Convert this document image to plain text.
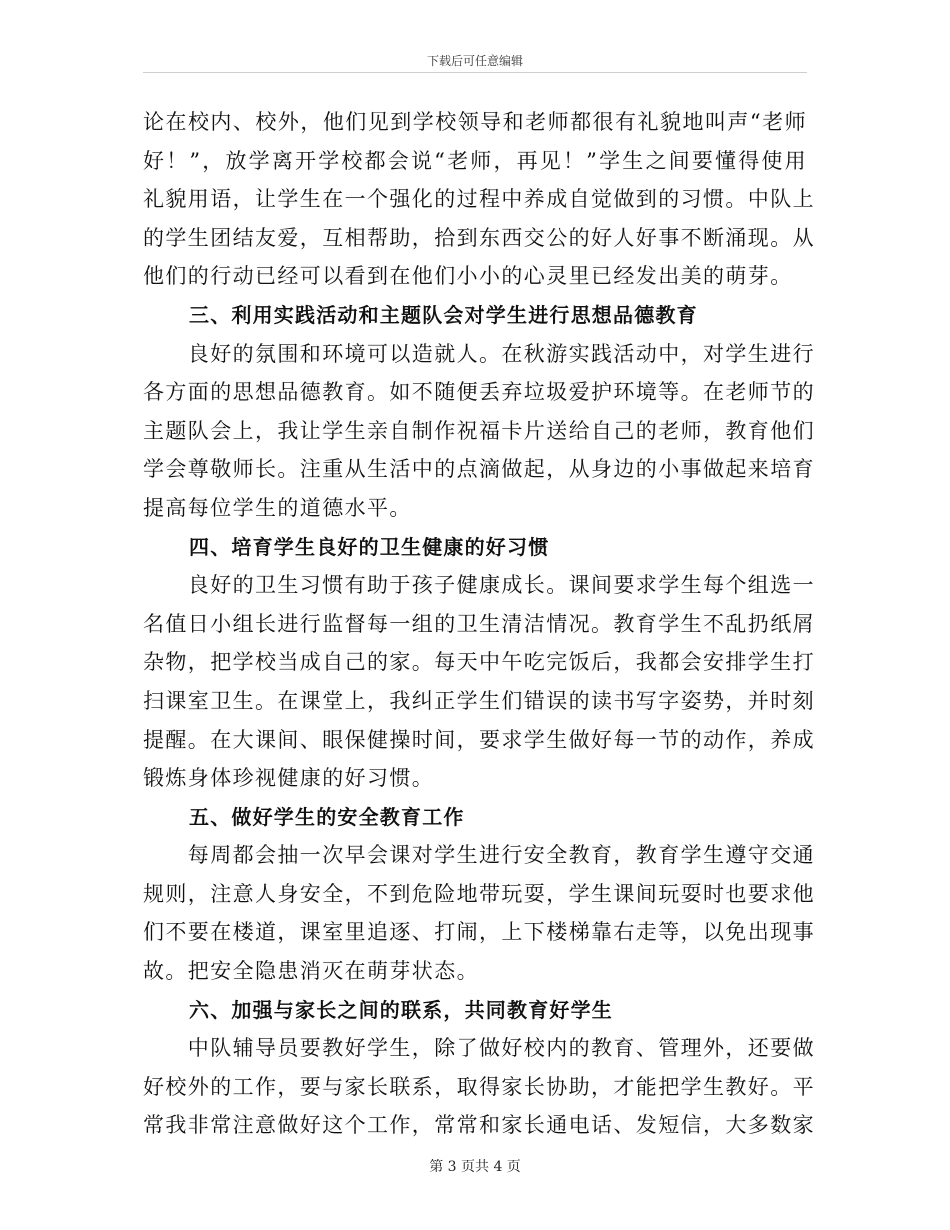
下载后可任意编辑

论在校内、校外，他们见到学校领导和老师都很有礼貌地叫声“老师
好！”，放学离开学校都会说“老师，再见！”学生之间要懂得使用
礼貌用语，让学生在一个强化的过程中养成自觉做到的习惯。中队上
的学生团结友爱，互相帮助，拾到东西交公的好人好事不断涌现。从
他们的行动已经可以看到在他们小小的心灵里已经发出美的萌芽。

三、利用实践活动和主题队会对学生进行思想品德教育

　　良好的氛围和环境可以造就人。在秋游实践活动中，对学生进行
各方面的思想品德教育。如不随便丢弃垃圾爱护环境等。在老师节的
主题队会上，我让学生亲自制作祝福卡片送给自己的老师，教育他们
学会尊敬师长。注重从生活中的点滴做起，从身边的小事做起来培育
提高每位学生的道德水平。

四、培育学生良好的卫生健康的好习惯

　　良好的卫生习惯有助于孩子健康成长。课间要求学生每个组选一
名值日小组长进行监督每一组的卫生清洁情况。教育学生不乱扔纸屑
杂物，把学校当成自己的家。每天中午吃完饭后，我都会安排学生打
扫课室卫生。在课堂上，我纠正学生们错误的读书写字姿势，并时刻
提醒。在大课间、眼保健操时间，要求学生做好每一节的动作，养成
锻炼身体珍视健康的好习惯。

五、做好学生的安全教育工作

　　每周都会抽一次早会课对学生进行安全教育，教育学生遵守交通
规则，注意人身安全，不到危险地带玩耍，学生课间玩耍时也要求他
们不要在楼道，课室里追逐、打闹，上下楼梯靠右走等，以免出现事
故。把安全隐患消灭在萌芽状态。

六、加强与家长之间的联系，共同教育好学生

　　中队辅导员要教好学生，除了做好校内的教育、管理外，还要做
好校外的工作，要与家长联系，取得家长协助，才能把学生教好。平
常我非常注意做好这个工作，常常和家长通电话、发短信，大多数家

第 3 页共 4 页
